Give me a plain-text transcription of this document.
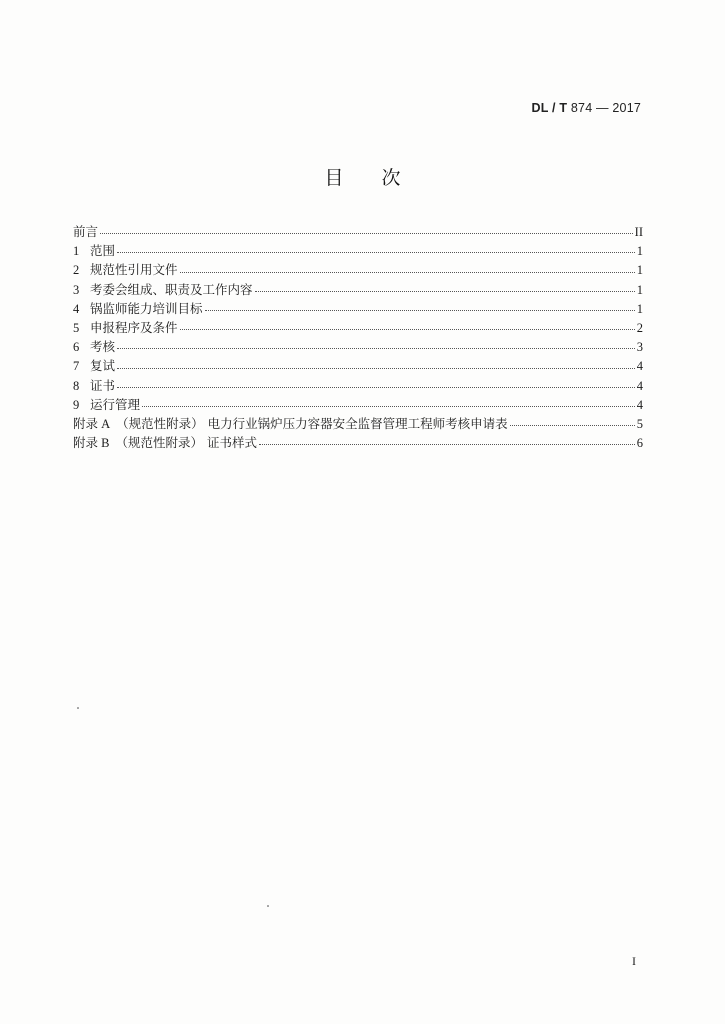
DL / T 874 — 2017
目次
前言	II
1 范围	1
2 规范性引用文件	1
3 考委会组成、职责及工作内容	1
4 锅监师能力培训目标	1
5 申报程序及条件	2
6 考核	3
7 复试	4
8 证书	4
9 运行管理	4
附录 A （规范性附录） 电力行业锅炉压力容器安全监督管理工程师考核申请表	5
附录 B （规范性附录） 证书样式	6
I
